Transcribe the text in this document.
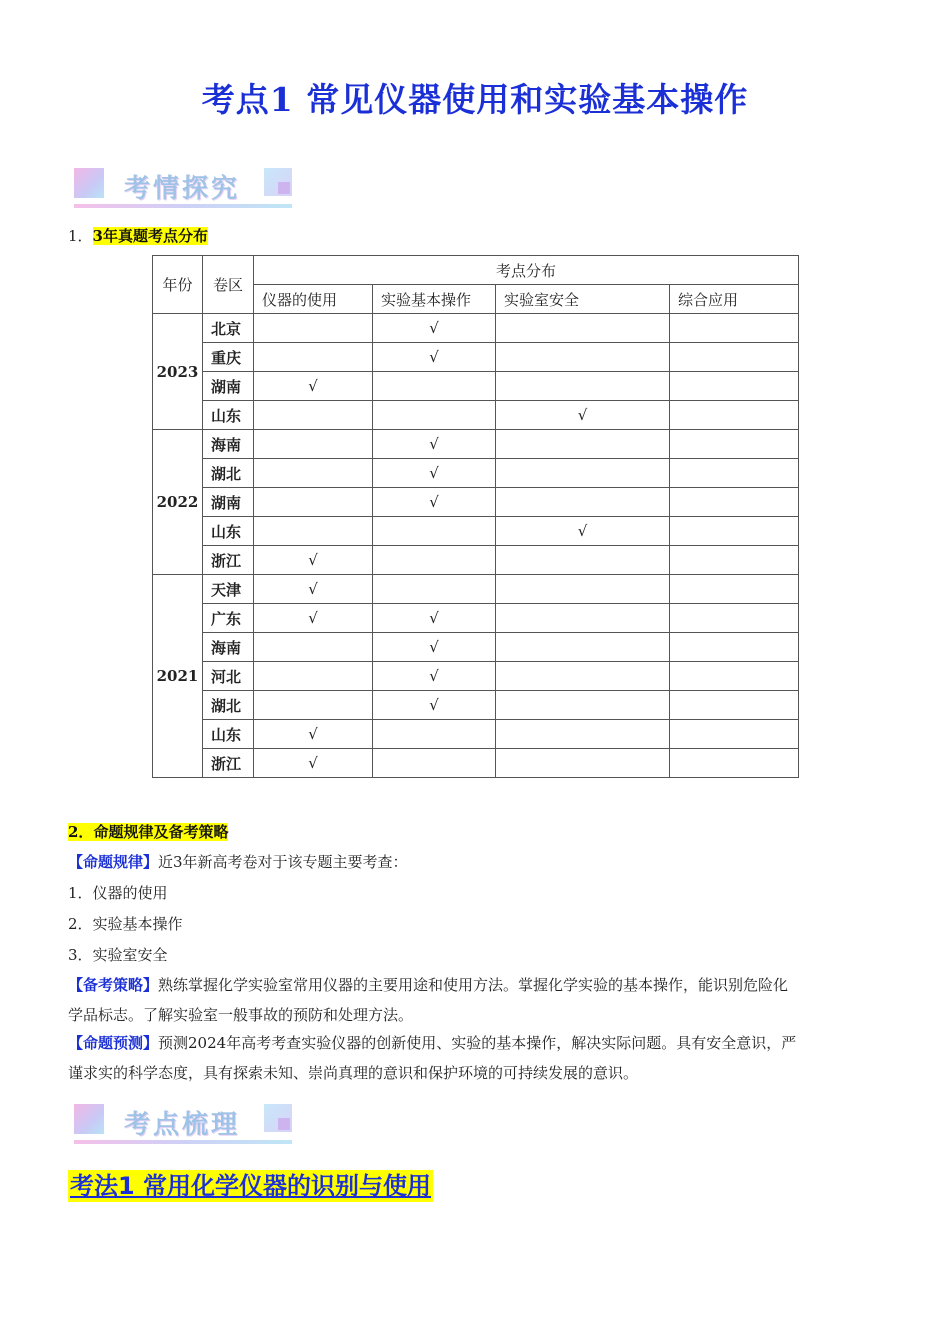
考点1 常见仪器使用和实验基本操作
考情探究
1．3年真题考点分布
年份	卷区	考点分布			
		仪器的使用	实验基本操作	实验室安全	综合应用
2023	北京		√		

	重庆		√		

	湖南	√			

	山东			√	

2022	海南		√		

	湖北		√		

	湖南		√		

	山东			√	

	浙江	√			

2021	天津	√			

	广东	√	√		

	海南		√		

	河北		√		

	湖北		√		

	山东	√			

	浙江	√			

2．命题规律及备考策略
【命题规律】近3年新高考卷对于该专题主要考查：
1．仪器的使用
2．实验基本操作
3．实验室安全
【备考策略】熟练掌握化学实验室常用仪器的主要用途和使用方法。掌握化学实验的基本操作，能识别危险化
学品标志。了解实验室一般事故的预防和处理方法。
【命题预测】预测2024年高考考查实验仪器的创新使用、实验的基本操作，解决实际问题。具有安全意识，严
谨求实的科学态度，具有探索未知、崇尚真理的意识和保护环境的可持续发展的意识。
考点梳理
考法1 常用化学仪器的识别与使用
